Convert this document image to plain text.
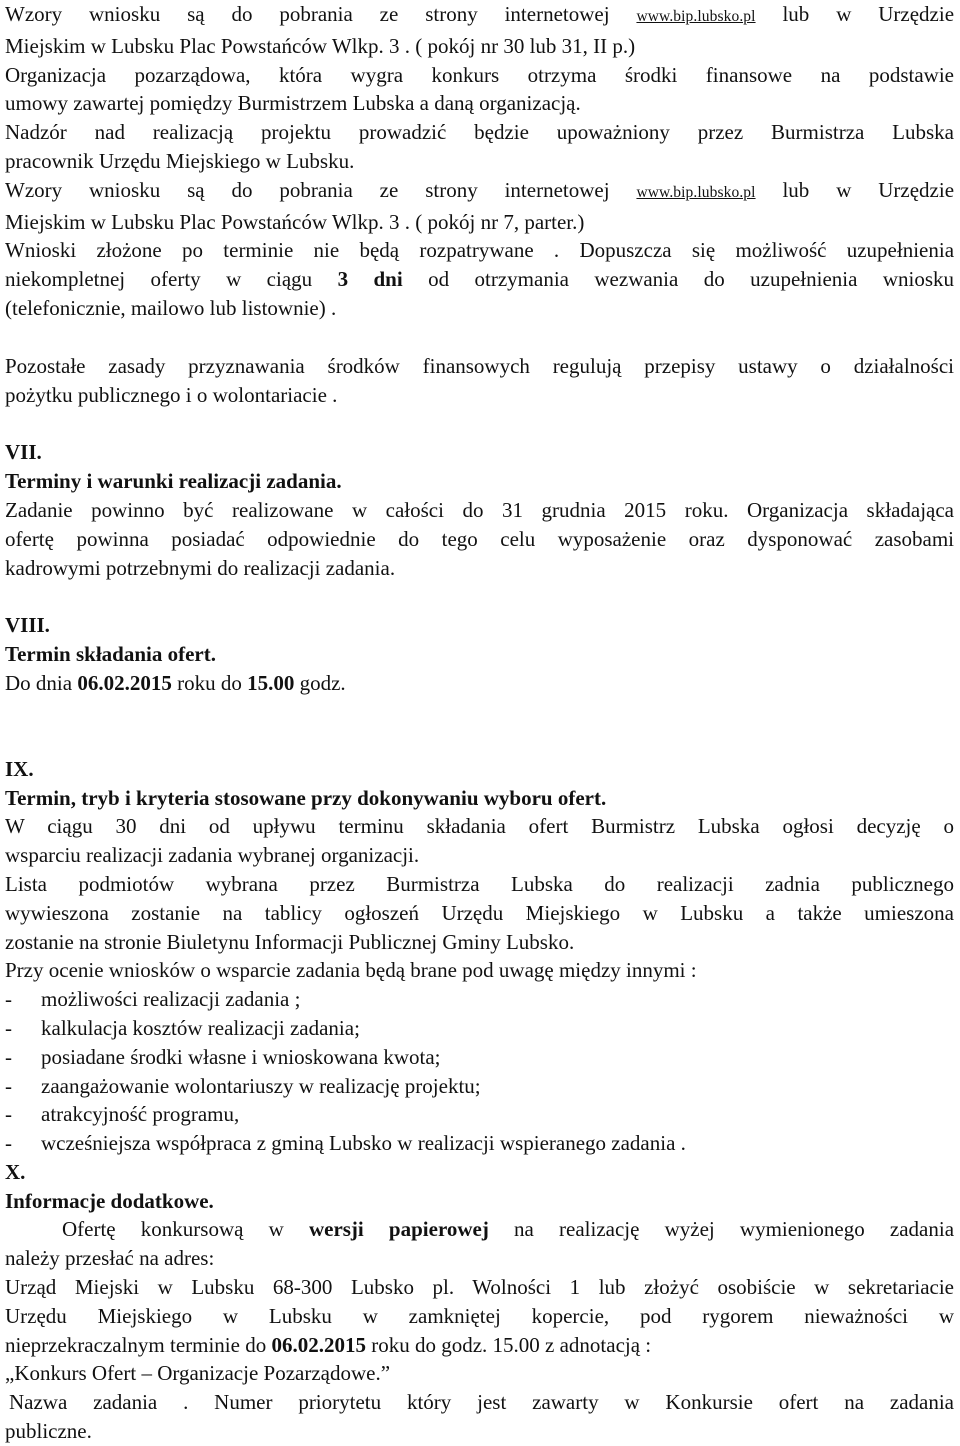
Wzory wniosku są do pobrania ze strony internetowej www.bip.lubsko.pl lub w Urzędzie

Miejskim w Lubsku Plac Powstańców Wlkp. 3 . ( pokój nr 30 lub 31, II p.)

Organizacja pozarządowa, która wygra konkurs otrzyma środki finansowe na podstawie

umowy zawartej pomiędzy Burmistrzem Lubska a daną organizacją.

Nadzór nad realizacją projektu prowadzić będzie upoważniony przez Burmistrza Lubska

pracownik Urzędu Miejskiego w Lubsku.

Wzory wniosku są do pobrania ze strony internetowej www.bip.lubsko.pl lub w Urzędzie

Miejskim w Lubsku Plac Powstańców Wlkp. 3 . ( pokój nr 7, parter.)

Wnioski złożone po terminie nie będą rozpatrywane . Dopuszcza się możliwość uzupełnienia

niekompletnej oferty w ciągu 3 dni od otrzymania wezwania do uzupełnienia wniosku

(telefonicznie, mailowo lub listownie) .

Pozostałe zasady przyznawania środków finansowych regulują przepisy ustawy o działalności

pożytku publicznego i o wolontariacie .

VII.

Terminy i warunki realizacji zadania.

Zadanie powinno być realizowane w całości do 31 grudnia 2015 roku. Organizacja składająca

ofertę powinna posiadać odpowiednie do tego celu wyposażenie oraz dysponować zasobami

kadrowymi potrzebnymi do realizacji zadania.

VIII.

Termin składania ofert.

Do dnia 06.02.2015 roku do 15.00 godz.

IX.

Termin, tryb i kryteria stosowane przy dokonywaniu wyboru ofert.

W ciągu 30 dni od upływu terminu składania ofert Burmistrz Lubska ogłosi decyzję o

wsparciu realizacji zadania wybranej organizacji.

Lista podmiotów wybrana przez Burmistrza Lubska do realizacji zadnia publicznego

wywieszona zostanie na tablicy ogłoszeń Urzędu Miejskiego w Lubsku a także umieszona

zostanie na stronie Biuletynu Informacji Publicznej Gminy Lubsko.

Przy ocenie wniosków o wsparcie zadania będą brane pod uwagę między innymi :

-	możliwości realizacji zadania ;
-	kalkulacja kosztów realizacji zadania;
-	posiadane środki własne i wnioskowana kwota;
-	zaangażowanie wolontariuszy w realizację projektu;
-	atrakcyjność programu,
-	wcześniejsza współpraca z gminą Lubsko w realizacji wspieranego zadania .

X.

Informacje dodatkowe.

Ofertę konkursową w wersji papierowej na realizację wyżej wymienionego zadania

należy przesłać na adres:

Urząd Miejski w Lubsku 68-300 Lubsko pl. Wolności 1 lub złożyć osobiście w sekretariacie

Urzędu Miejskiego w Lubsku w zamkniętej kopercie, pod rygorem nieważności w

nieprzekraczalnym terminie do 06.02.2015 roku do godz. 15.00 z adnotacją :

„Konkurs Ofert – Organizacje Pozarządowe.”

Nazwa zadania . Numer priorytetu który jest zawarty w Konkursie ofert na zadania

publiczne.
